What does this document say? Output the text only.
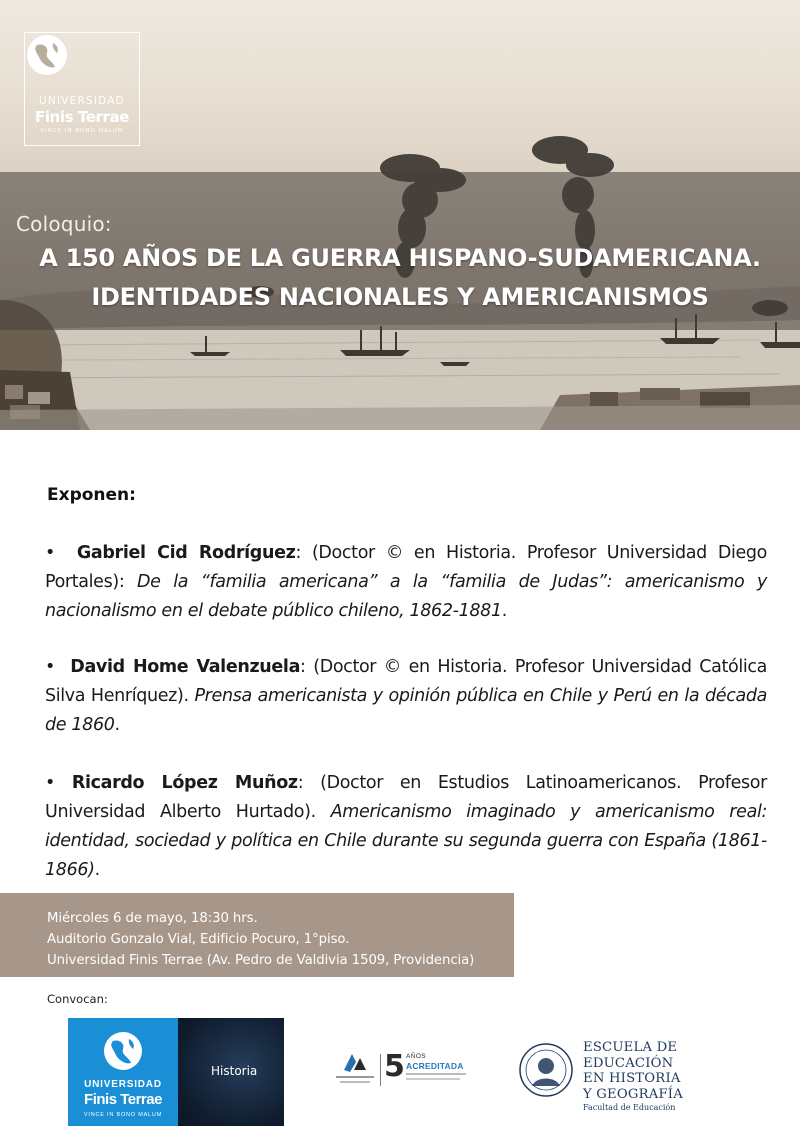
UNIVERSIDAD
Finis Terrae
VINCE IN BONO MALUM
Coloquio:
A 150 AÑOS DE LA GUERRA HISPANO-SUDAMERICANA.
IDENTIDADES NACIONALES Y AMERICANISMOS
Exponen:
• Gabriel Cid Rodríguez: (Doctor © en Historia. Profesor Universidad Diego Portales): De la “familia americana” a la “familia de Judas”: americanismo y nacionalismo en el debate público chileno, 1862-1881.
• David Home Valenzuela: (Doctor © en Historia. Profesor Universidad Católica Silva Henríquez). Prensa americanista y opinión pública en Chile y Perú en la década de 1860.
• Ricardo López Muñoz: (Doctor en Estudios Latinoamericanos. Profesor Universidad Alberto Hurtado). Americanismo imaginado y americanismo real: identidad, sociedad y política en Chile durante su segunda guerra con España (1861-1866).
Miércoles 6 de mayo, 18:30 hrs.
Auditorio Gonzalo Vial, Edificio Pocuro, 1°piso.
Universidad Finis Terrae (Av. Pedro de Valdivia 1509, Providencia)
Convocan:
UNIVERSIDAD
Finis Terrae
VINCE IN BONO MALUM
Historia	5 AÑOS
ACREDITADA
ESCUELA DE
EDUCACIÓN
EN HISTORIA
Y GEOGRAFÍA
Facultad de Educación
